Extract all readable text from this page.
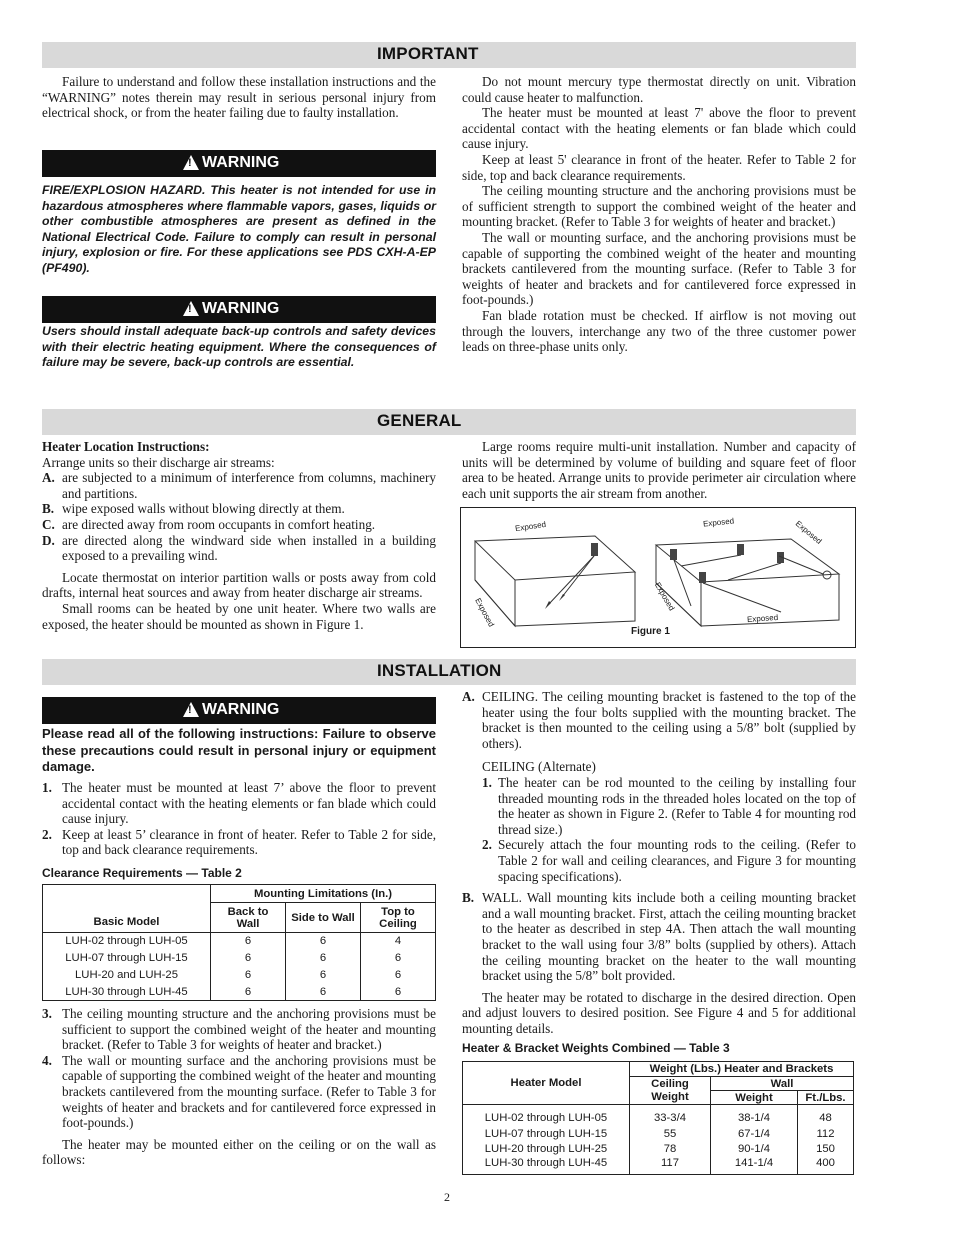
IMPORTANT

Failure to understand and follow these installation instructions and the “WARNING” notes therein may result in serious personal injury from electrical shock, or from the heater failing due to faulty installation.

!
WARNING
FIRE/EXPLOSION HAZARD. This heater is not intended for use in hazardous atmospheres where flammable vapors, gases, liquids or other combustible atmospheres are present as defined in the National Electrical Code. Failure to comply can result in personal injury, explosion or fire. For these applications see PDS CXH-A-EP (PF490).
!
WARNING
Users should install adequate back-up controls and safety devices with their electric heating equipment. Where the consequences of failure may be severe, back-up controls are essential.

Do not mount mercury type thermostat directly on unit. Vibration could cause heater to malfunction.

The heater must be mounted at least 7' above the floor to prevent accidental contact with the heating elements or fan blade which could cause injury.

Keep at least 5' clearance in front of the heater. Refer to Table 2 for side, top and back clearance requirements.

The ceiling mounting structure and the anchoring provisions must be of sufficient strength to support the combined weight of the heater and mounting bracket. (Refer to Table 3 for weights of heater and bracket.)

The wall or mounting surface, and the anchoring provisions must be capable of supporting the combined weight of the heater and mounting brackets cantilevered from the mounting surface. (Refer to Table 3 for weights of heater and brackets and for cantilevered force expressed in foot-pounds.)

Fan blade rotation must be checked. If airflow is not moving out through the louvers, interchange any two of the three customer power leads on three-phase units only.

GENERAL

Heater Location Instructions:

Arrange units so their discharge air streams:

A. are subjected to a minimum of interference from columns, machinery and partitions.
B. wipe exposed walls without blowing directly at them.
C. are directed away from room occupants in comfort heating.
D. are directed along the windward side when installed in a building exposed to a prevailing wind.

Locate thermostat on interior partition walls or posts away from cold drafts, internal heat sources and away from heater discharge air streams.

Small rooms can be heated by one unit heater. Where two walls are exposed, the heater should be mounted as shown in Figure 1.

Large rooms require multi-unit installation. Number and capacity of units will be determined by volume of building and square feet of floor area to be heated. Arrange units to provide perimeter air circulation where each unit supports the air stream from another.

Exposed
Exposed
Exposed	Exposed
Exposed
Exposed
Figure 1
INSTALLATION
!
WARNING
Please read all of the following instructions: Failure to observe these precautions could result in personal injury or equipment damage.
1. The heater must be mounted at least 7’ above the floor to prevent accidental contact with the heating elements or fan blade which could cause injury.
2. Keep at least 5’ clearance in front of heater. Refer to Table 2 for side, top and back clearance requirements.
Clearance Requirements — Table 2
Basic Model	Mounting Limitations (In.)		
	Back to Wall	Side to Wall	Top to Ceiling
LUH-02 through LUH-05	6	6	4
LUH-07 through LUH-15	6	6	6
LUH-20 and LUH-25	6	6	6
LUH-30 through LUH-45	6	6	6
3. The ceiling mounting structure and the anchoring provisions must be sufficient to support the combined weight of the heater and mounting bracket. (Refer to Table 3 for weights of heater and bracket.)
4. The wall or mounting surface and the anchoring provisions must be capable of supporting the combined weight of the heater and mounting brackets cantilevered from the mounting surface. (Refer to Table 3 for weights of heater and brackets and for cantilevered force expressed in foot-pounds.)

The heater may be mounted either on the ceiling or on the wall as follows:

A. CEILING. The ceiling mounting bracket is fastened to the top of the heater using the four bolts supplied with the mounting bracket. The bracket is then mounted to the ceiling using a 5/8” bolt (supplied by others).

CEILING (Alternate)

1. The heater can be rod mounted to the ceiling by installing four threaded mounting rods in the threaded holes located on the top of the heater as shown in Figure 2. (Refer to Table 4 for mounting rod thread size.)
2. Securely attach the four mounting rods to the ceiling. (Refer to Table 2 for wall and ceiling clearances, and Figure 3 for mounting spacing specifications).
B. WALL. Wall mounting kits include both a ceiling mounting bracket and a wall mounting bracket. First, attach the ceiling mounting bracket to the heater as described in step 4A. Then attach the wall mounting bracket to the wall using four 3/8” bolts (supplied by others). Attach the ceiling mounting bracket on the heater to the wall mounting bracket using the 5/8” bolt provided.

The heater may be rotated to discharge in the desired direction. Open and adjust louvers to desired position. See Figure 4 and 5 for additional mounting details.

Heater & Bracket Weights Combined — Table 3
Heater Model	Weight (Lbs.) Heater and Brackets		
	Ceiling Weight	Wall	
		Weight	Ft./Lbs.

LUH-02 through LUH-05	33-3/4	38-1/4	48
LUH-07 through LUH-15	55	67-1/4	112
LUH-20 through LUH-25	78	90-1/4	150
LUH-30 through LUH-45	117	141-1/4	400
2
